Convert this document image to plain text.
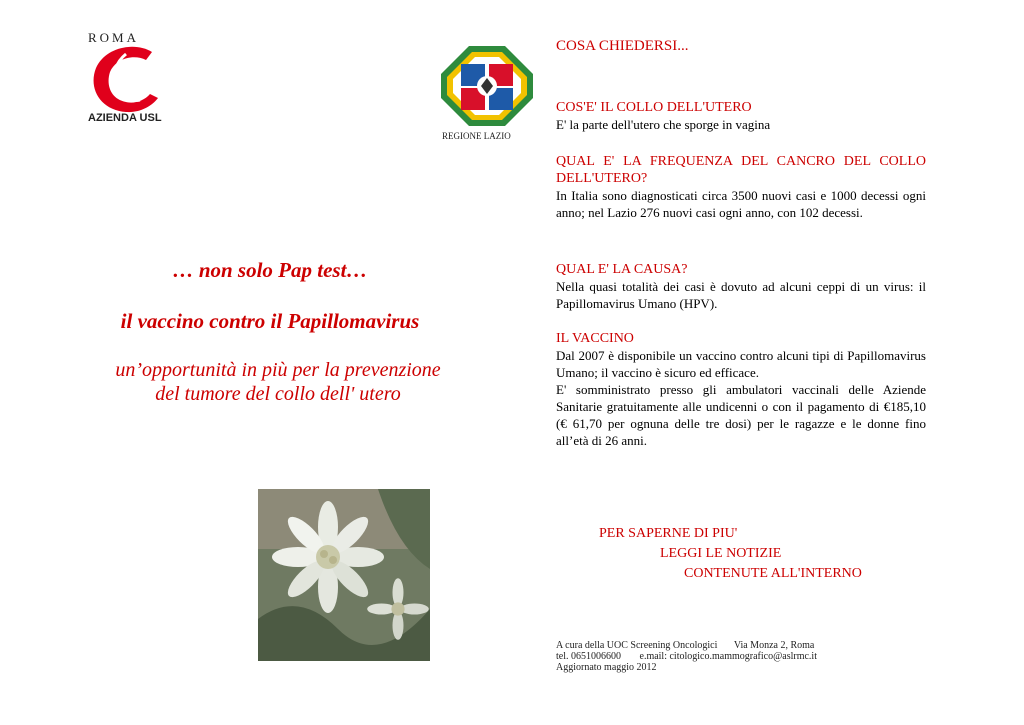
ROMA
AZIENDA USL
REGIONE LAZIO
… non solo Pap test…
il vaccino contro il Papillomavirus
un’opportunità in più per la prevenzione
del tumore del collo dell' utero
COSA CHIEDERSI...
COS'E' IL COLLO DELL'UTERO
E' la parte dell'utero che sporge in vagina
QUAL E' LA FREQUENZA DEL CANCRO DEL COLLO DELL'UTERO?
In Italia sono diagnosticati circa 3500 nuovi casi e 1000 decessi ogni anno; nel Lazio 276 nuovi casi ogni anno, con 102 decessi.
QUAL E' LA CAUSA?
Nella quasi totalità dei casi è dovuto ad alcuni ceppi di un virus: il Papillomavirus Umano (HPV).
IL VACCINO
Dal 2007 è disponibile un vaccino contro alcuni tipi di Papillomavirus Umano; il vaccino è sicuro ed efficace.
E' somministrato presso gli ambulatori vaccinali delle Aziende Sanitarie gratuitamente alle undicenni o con il pagamento di €185,10 (€ 61,70 per ognuna delle tre dosi) per le ragazze e le donne fino all’età di 26 anni.
PER SAPERNE DI PIU'
LEGGI LE NOTIZIE
CONTENUTE ALL'INTERNO
A cura della UOC Screening Oncologici Via Monza 2, Roma
tel. 0651006600 e.mail: citologico.mammografico@aslrmc.it
Aggiornato maggio 2012
